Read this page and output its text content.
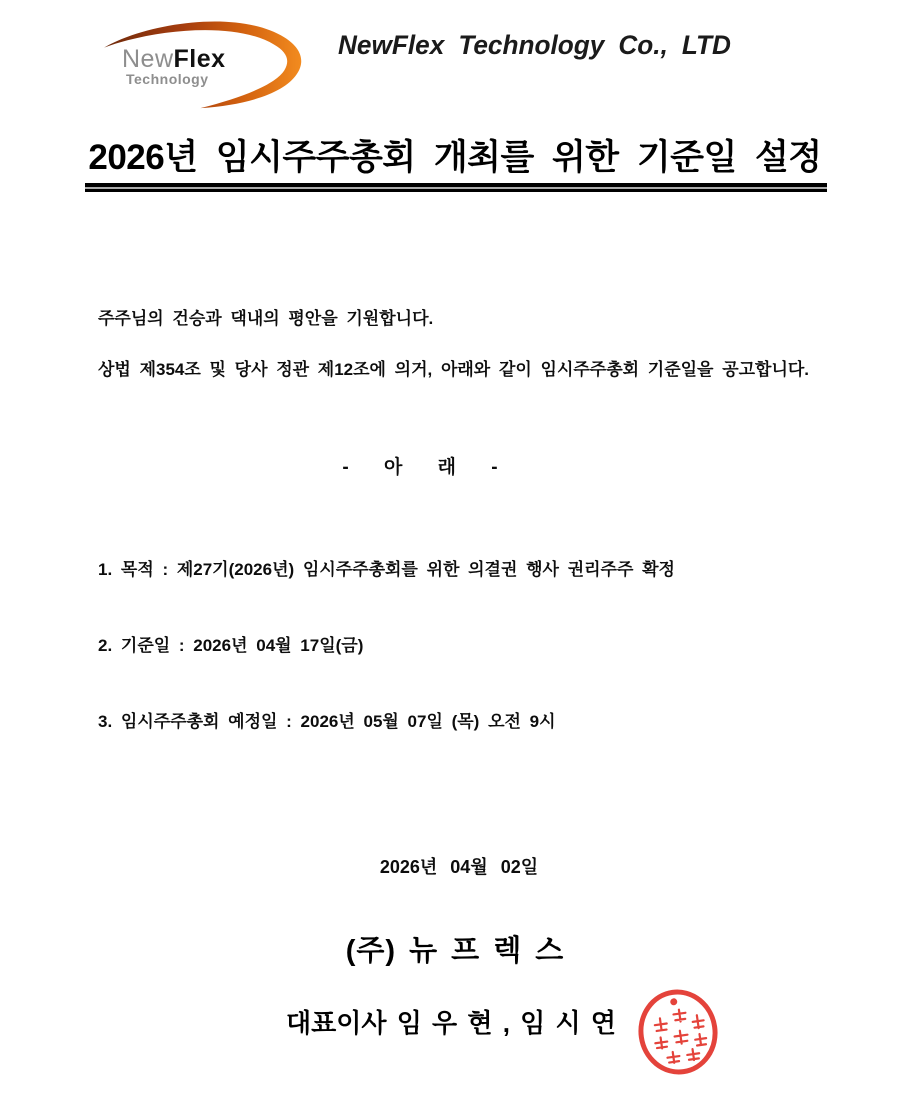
NewFlex
Technology
NewFlex Technology Co., LTD
2026년 임시주주총회 개최를 위한 기준일 설정
주주님의 건승과 댁내의 평안을 기원합니다.
상법 제354조 및 당사 정관 제12조에 의거, 아래와 같이 임시주주총회 기준일을 공고합니다.
- 아 래 -
1. 목적 : 제27기(2026년) 임시주주총회를 위한 의결권 행사 권리주주 확정
2. 기준일 : 2026년 04월 17일(금)
3. 임시주주총회 예정일 : 2026년 05월 07일 (목) 오전 9시
2026년 04월 02일
(주) 뉴 프 렉 스
대표이사 임 우 현 , 임 시 연
